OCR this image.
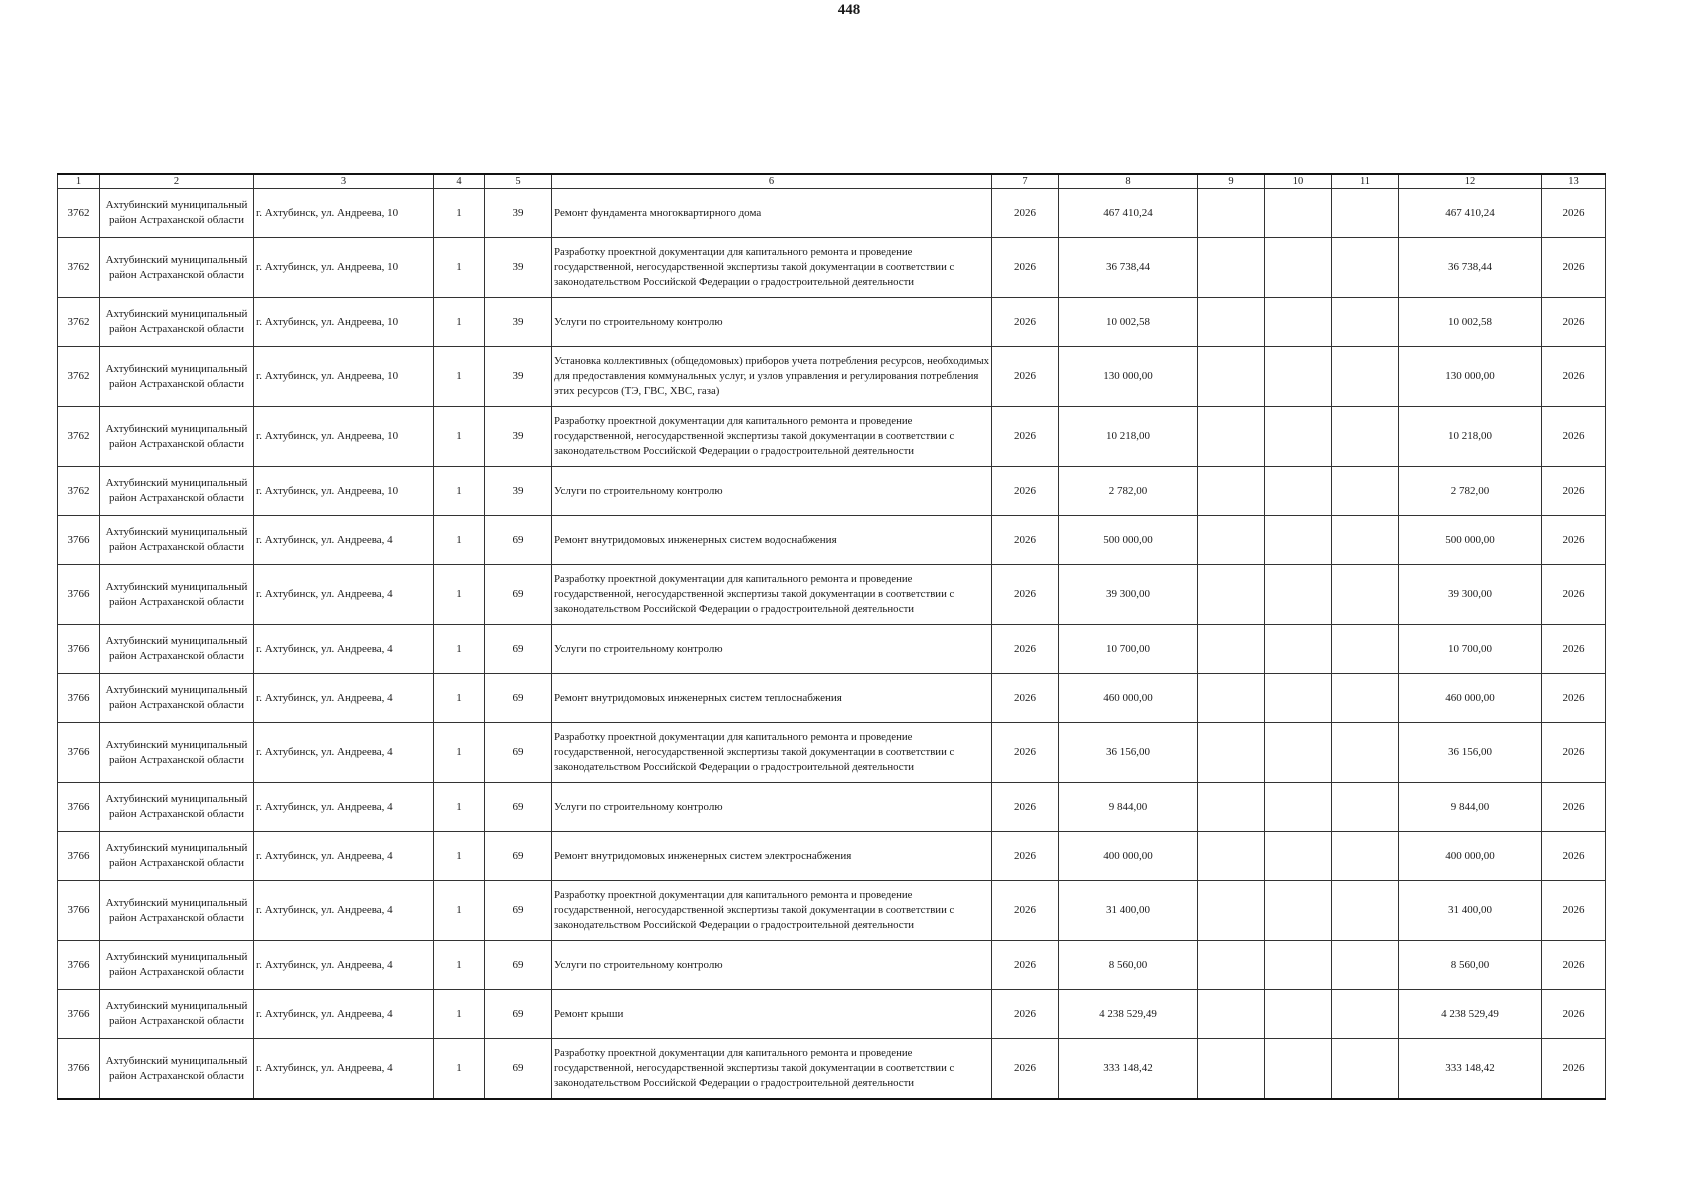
448
1	2	3	4	5	6	7	8	9	10	11	12	13
3762	Ахтубинский муниципальный район Астраханской области	г. Ахтубинск, ул. Андреева, 10	1	39	Ремонт фундамента многоквартирного дома	2026	467 410,24				467 410,24	2026
3762	Ахтубинский муниципальный район Астраханской области	г. Ахтубинск, ул. Андреева, 10	1	39	Разработку проектной документации для капитального ремонта и проведение государственной, негосударственной экспертизы такой документации в соответствии с законодательством Российской Федерации о градостроительной деятельности	2026	36 738,44				36 738,44	2026
3762	Ахтубинский муниципальный район Астраханской области	г. Ахтубинск, ул. Андреева, 10	1	39	Услуги по строительному контролю	2026	10 002,58				10 002,58	2026
3762	Ахтубинский муниципальный район Астраханской области	г. Ахтубинск, ул. Андреева, 10	1	39	Установка коллективных (общедомовых) приборов учета потребления ресурсов, необходимых для предоставления коммунальных услуг, и узлов управления и регулирования потребления этих ресурсов (ТЭ, ГВС, ХВС, газа)	2026	130 000,00				130 000,00	2026
3762	Ахтубинский муниципальный район Астраханской области	г. Ахтубинск, ул. Андреева, 10	1	39	Разработку проектной документации для капитального ремонта и проведение государственной, негосударственной экспертизы такой документации в соответствии с законодательством Российской Федерации о градостроительной деятельности	2026	10 218,00				10 218,00	2026
3762	Ахтубинский муниципальный район Астраханской области	г. Ахтубинск, ул. Андреева, 10	1	39	Услуги по строительному контролю	2026	2 782,00				2 782,00	2026
3766	Ахтубинский муниципальный район Астраханской области	г. Ахтубинск, ул. Андреева, 4	1	69	Ремонт внутридомовых инженерных систем водоснабжения	2026	500 000,00				500 000,00	2026
3766	Ахтубинский муниципальный район Астраханской области	г. Ахтубинск, ул. Андреева, 4	1	69	Разработку проектной документации для капитального ремонта и проведение государственной, негосударственной экспертизы такой документации в соответствии с законодательством Российской Федерации о градостроительной деятельности	2026	39 300,00				39 300,00	2026
3766	Ахтубинский муниципальный район Астраханской области	г. Ахтубинск, ул. Андреева, 4	1	69	Услуги по строительному контролю	2026	10 700,00				10 700,00	2026
3766	Ахтубинский муниципальный район Астраханской области	г. Ахтубинск, ул. Андреева, 4	1	69	Ремонт внутридомовых инженерных систем теплоснабжения	2026	460 000,00				460 000,00	2026
3766	Ахтубинский муниципальный район Астраханской области	г. Ахтубинск, ул. Андреева, 4	1	69	Разработку проектной документации для капитального ремонта и проведение государственной, негосударственной экспертизы такой документации в соответствии с законодательством Российской Федерации о градостроительной деятельности	2026	36 156,00				36 156,00	2026
3766	Ахтубинский муниципальный район Астраханской области	г. Ахтубинск, ул. Андреева, 4	1	69	Услуги по строительному контролю	2026	9 844,00				9 844,00	2026
3766	Ахтубинский муниципальный район Астраханской области	г. Ахтубинск, ул. Андреева, 4	1	69	Ремонт внутридомовых инженерных систем электроснабжения	2026	400 000,00				400 000,00	2026
3766	Ахтубинский муниципальный район Астраханской области	г. Ахтубинск, ул. Андреева, 4	1	69	Разработку проектной документации для капитального ремонта и проведение государственной, негосударственной экспертизы такой документации в соответствии с законодательством Российской Федерации о градостроительной деятельности	2026	31 400,00				31 400,00	2026
3766	Ахтубинский муниципальный район Астраханской области	г. Ахтубинск, ул. Андреева, 4	1	69	Услуги по строительному контролю	2026	8 560,00				8 560,00	2026
3766	Ахтубинский муниципальный район Астраханской области	г. Ахтубинск, ул. Андреева, 4	1	69	Ремонт крыши	2026	4 238 529,49				4 238 529,49	2026
3766	Ахтубинский муниципальный район Астраханской области	г. Ахтубинск, ул. Андреева, 4	1	69	Разработку проектной документации для капитального ремонта и проведение государственной, негосударственной экспертизы такой документации в соответствии с законодательством Российской Федерации о градостроительной деятельности	2026	333 148,42				333 148,42	2026
